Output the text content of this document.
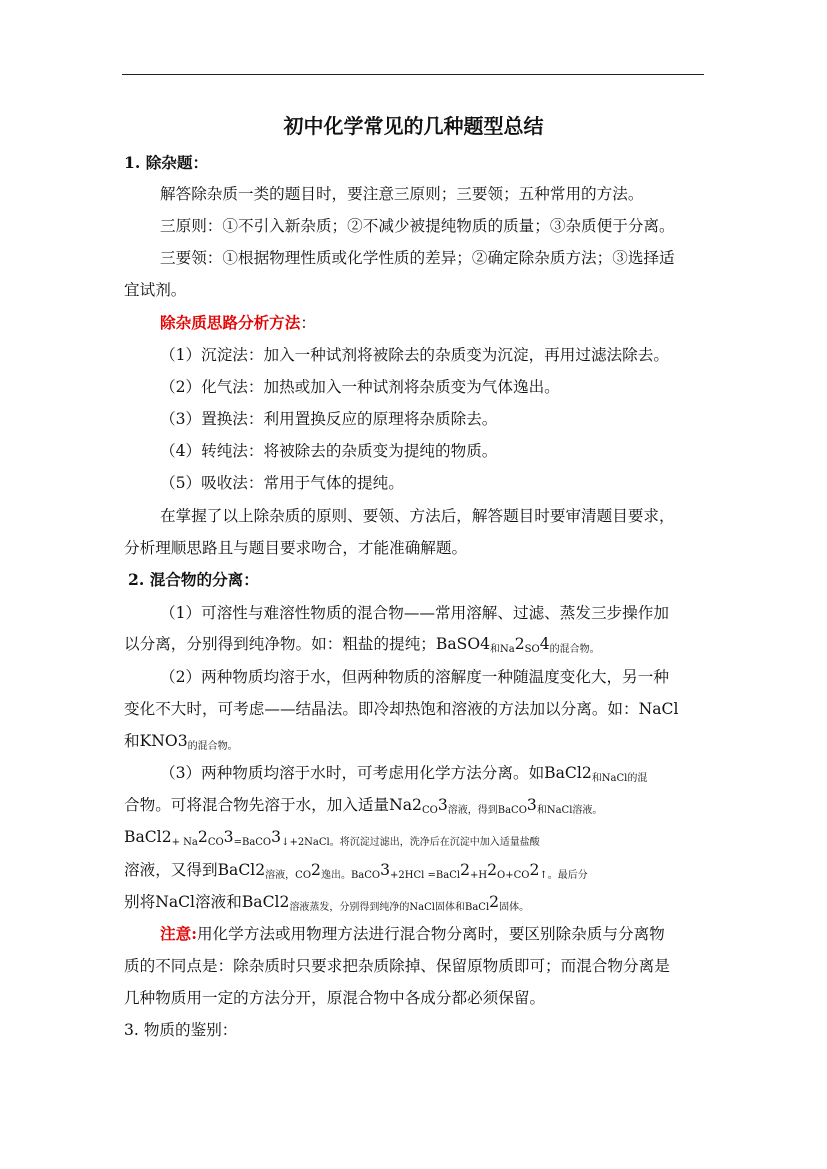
初中化学常见的几种题型总结
1. 除杂题：
解答除杂质一类的题目时，要注意三原则；三要领；五种常用的方法。
三原则：①不引入新杂质；②不减少被提纯物质的质量；③杂质便于分离。
三要领：①根据物理性质或化学性质的差异；②确定除杂质方法；③选择适
宜试剂。
除杂质思路分析方法：
（1）沉淀法：加入一种试剂将被除去的杂质变为沉淀，再用过滤法除去。
（2）化气法：加热或加入一种试剂将杂质变为气体逸出。
（3）置换法：利用置换反应的原理将杂质除去。
（4）转纯法：将被除去的杂质变为提纯的物质。
（5）吸收法：常用于气体的提纯。
在掌握了以上除杂质的原则、要领、方法后，解答题目时要审清题目要求，
分析理顺思路且与题目要求吻合，才能准确解题。
2. 混合物的分离：
（1）可溶性与难溶性物质的混合物——常用溶解、过滤、蒸发三步操作加
以分离，分别得到纯净物。如：粗盐的提纯；$BaSO4_{和Na}2_{SO}4_{的混合物。}$
（2）两种物质均溶于水，但两种物质的溶解度一种随温度变化大，另一种
变化不大时，可考虑——结晶法。即冷却热饱和溶液的方法加以分离。如：NaCl
和$KNO3_{的混合物。}$
（3）两种物质均溶于水时，可考虑用化学方法分离。如$BaCl2_{和NaCl的混}$
合物。可将混合物先溶于水，加入适量$Na2_{CO}3_{溶液,得到BaCO}3_{和NaCl溶液。}$
$BaCl2_{+ Na}2_{CO}3_{=BaCO}3_{↓+2NaCl。将沉淀过滤出,洗净后在沉淀中加入适量盐酸}$
溶液，又得到$BaCl2_{溶液,CO}2_{逸出。BaCO}3_{+2HCl =BaCl}2_{+H}2_{O+CO}2_{↑。最后分}$
别将NaCl溶液和$BaCl2_{溶液蒸发,分别得到纯净的NaCl固体和BaCl}2_{固体。}$
注意:用化学方法或用物理方法进行混合物分离时，要区别除杂质与分离物
质的不同点是：除杂质时只要求把杂质除掉、保留原物质即可；而混合物分离是
几种物质用一定的方法分开，原混合物中各成分都必须保留。
3. 物质的鉴别：
